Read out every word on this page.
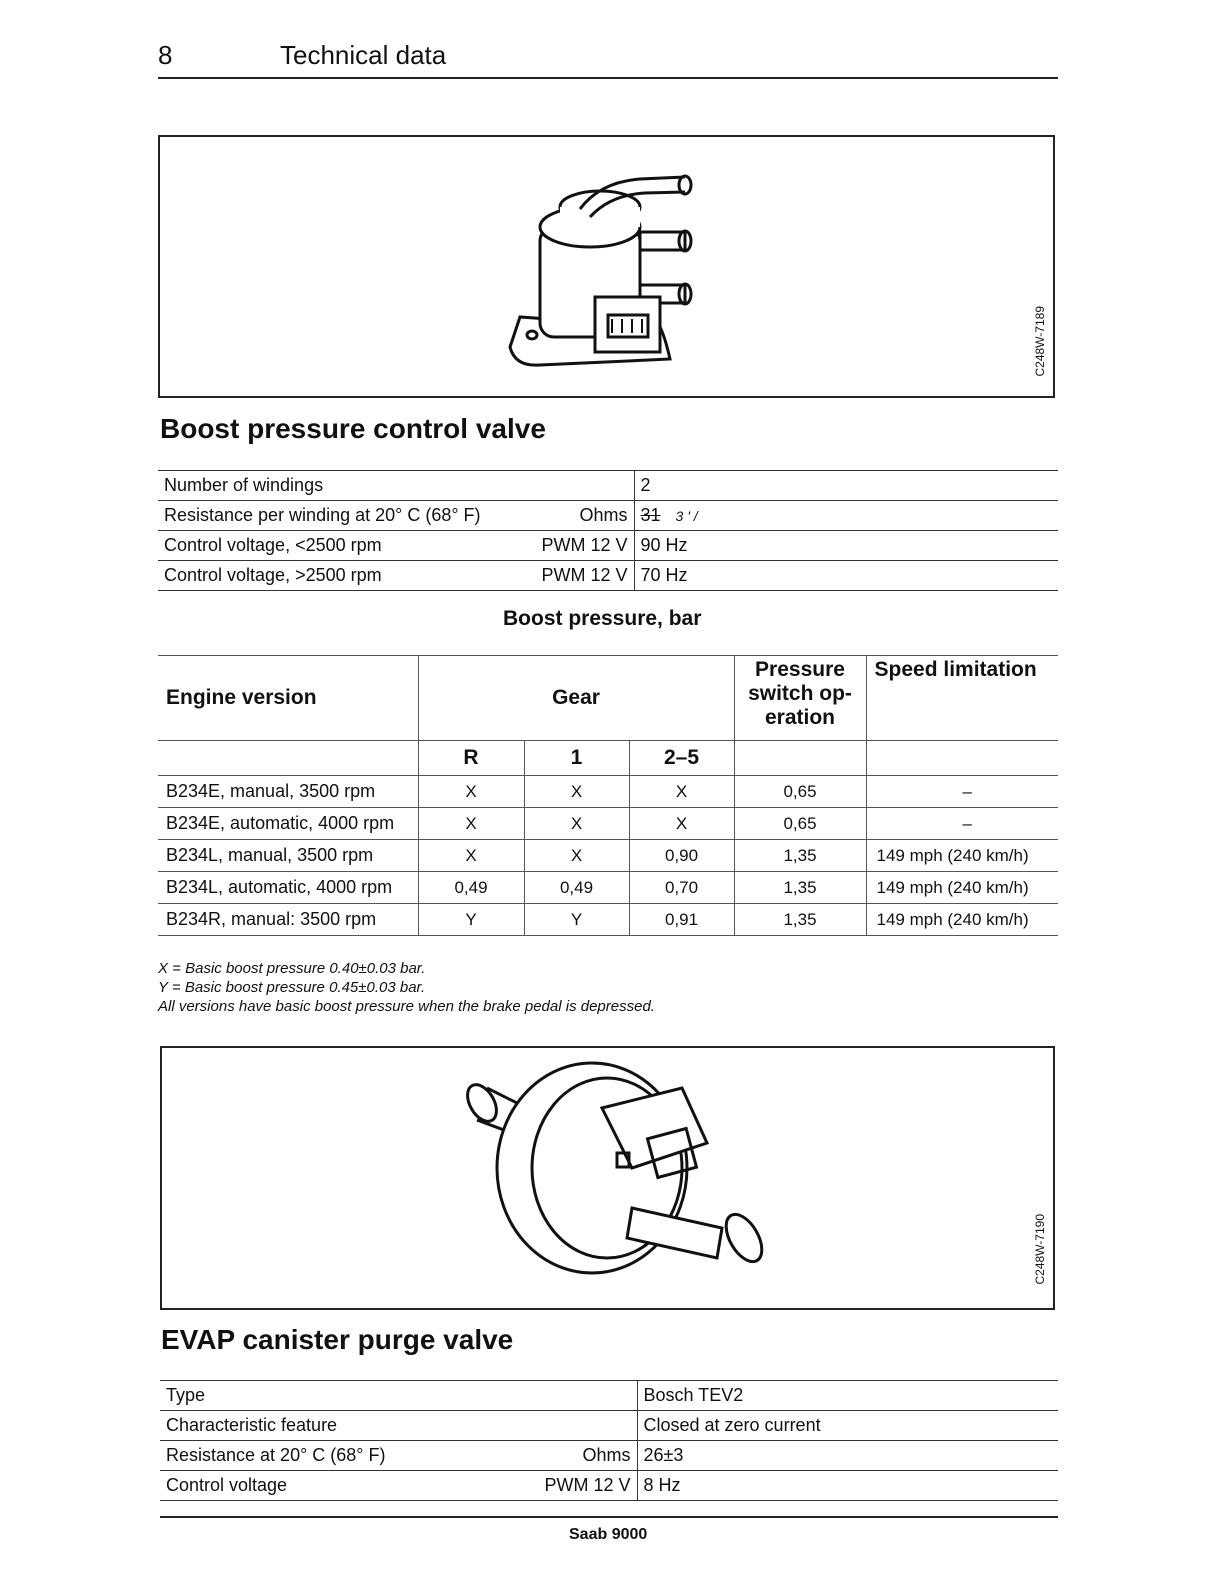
8	Technical data
C248W-7189
Boost pressure control valve
Number of windings	2
Resistance per winding at 20° C (68° F) Ohms	31 3 ' /
Control voltage, <2500 rpm PWM 12 V	90 Hz
Control voltage, >2500 rpm PWM 12 V	70 Hz
Boost pressure, bar
Engine version	Gear			Pressure switch op-eration	Speed limitation
	R	1	2–5		
B234E, manual, 3500 rpm	X	X	X	0,65	–
B234E, automatic, 4000 rpm	X	X	X	0,65	–
B234L, manual, 3500 rpm	X	X	0,90	1,35	149 mph (240 km/h)
B234L, automatic, 4000 rpm	0,49	0,49	0,70	1,35	149 mph (240 km/h)
B234R, manual: 3500 rpm	Y	Y	0,91	1,35	149 mph (240 km/h)
X = Basic boost pressure 0.40±0.03 bar.
Y = Basic boost pressure 0.45±0.03 bar.
All versions have basic boost pressure when the brake pedal is depressed.
C248W-7190
EVAP canister purge valve
Type	Bosch TEV2
Characteristic feature	Closed at zero current
Resistance at 20° C (68° F) Ohms	26±3
Control voltage PWM 12 V	8 Hz
Saab 9000
